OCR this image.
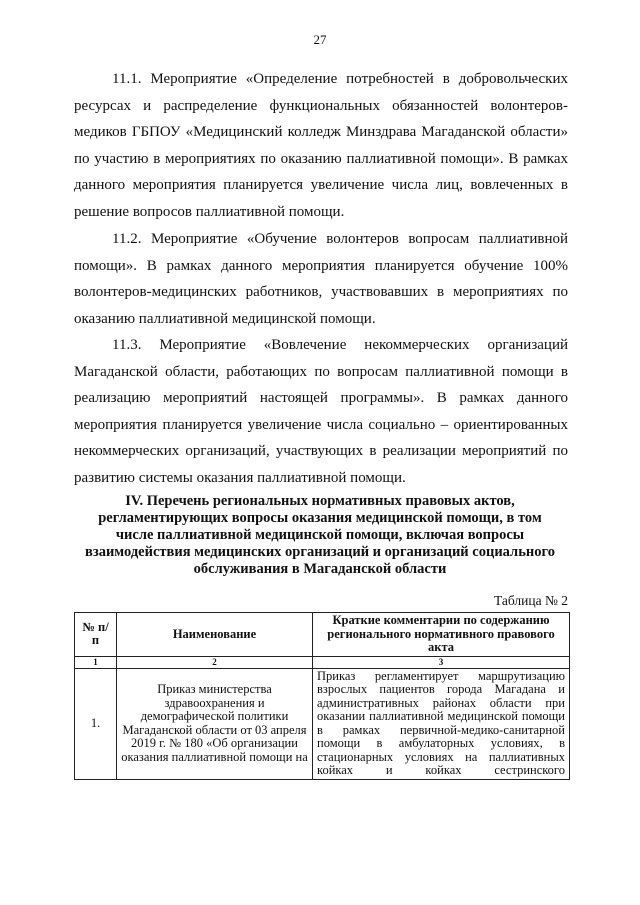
27

11.1. Мероприятие «Определение потребностей в добровольческих ресурсах и распределение функциональных обязанностей волонтеров-медиков ГБПОУ «Медицинский колледж Минздрава Магаданской области» по участию в мероприятиях по оказанию паллиативной помощи». В рамках данного мероприятия планируется увеличение числа лиц, вовлеченных в решение вопросов паллиативной помощи.

11.2. Мероприятие «Обучение волонтеров вопросам паллиативной помощи». В рамках данного мероприятия планируется обучение 100% волонтеров-медицинских работников, участвовавших в мероприятиях по оказанию паллиативной медицинской помощи.

11.3. Мероприятие «Вовлечение некоммерческих организаций Магаданской области, работающих по вопросам паллиативной помощи в реализацию мероприятий настоящей программы». В рамках данного мероприятия планируется увеличение числа социально – ориентированных некоммерческих организаций, участвующих в реализации мероприятий по развитию системы оказания паллиативной помощи.

IV. Перечень региональных нормативных правовых актов, регламентирующих вопросы оказания медицинской помощи, в том числе паллиативной медицинской помощи, включая вопросы взаимодействия медицинских организаций и организаций социального обслуживания в Магаданской области
Таблица № 2
№ п/п	Наименование	Краткие комментарии по содержанию регионального нормативного правового акта
1	2	3
1.	Приказ министерства здравоохранения и демографической политики Магаданской области от 03 апреля 2019 г. № 180 «Об организации оказания паллиативной помощи на	Приказ регламентирует маршрутизацию взрослых пациентов города Магадана и административных районах области при оказании паллиативной медицинской помощи в рамках первичной-медико-санитарной помощи в амбулаторных условиях, в стационарных условиях на паллиативных койках и койках сестринского
